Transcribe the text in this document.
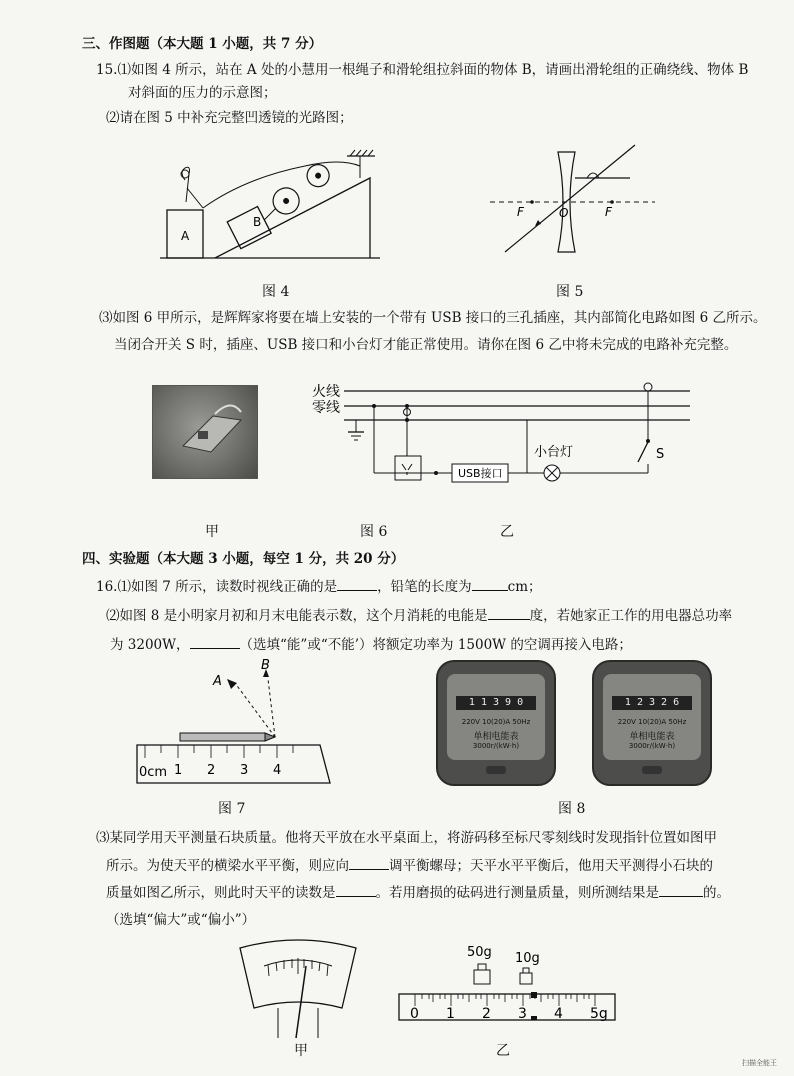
三、作图题（本大题 1 小题，共 7 分）
15.⑴如图 4 所示，站在 A 处的小慧用一根绳子和滑轮组拉斜面的物体 B，请画出滑轮组的正确绕线、物体 B
对斜面的压力的示意图；
⑵请在图 5 中补充完整凹透镜的光路图；
A
B
图 4
F	O	F
图 5
⑶如图 6 甲所示，是辉辉家将要在墙上安装的一个带有 USB 接口的三孔插座，其内部简化电路如图 6 乙所示。
当闭合开关 S 时，插座、USB 接口和小台灯才能正常使用。请你在图 6 乙中将未完成的电路补充完整。
火线
零线
USB接口
小台灯	S
甲	图 6	乙
四、实验题（本大题 3 小题，每空 1 分，共 20 分）
16.⑴如图 7 所示，读数时视线正确的是	，铅笔的长度为	cm；
⑵如图 8 是小明家月初和月末电能表示数，这个月消耗的电能是	度，若她家正工作的用电器总功率
为 3200W，	（选填“能”或“不能’）将额定功率为 1500W 的空调再接入电路；
A
B
0cm 1 2 3 4
图 7
1 1 3 9 0
220V 10(20)A 50Hz
单相电能表
3000r/(kW·h)
1 2 3 2 6
220V 10(20)A 50Hz
单相电能表
3000r/(kW·h)
图 8
⑶某同学用天平测量石块质量。他将天平放在水平桌面上，将游码移至标尺零刻线时发现指针位置如图甲
所示。为使天平的横梁水平平衡，则应向	调平衡螺母；天平水平平衡后，他用天平测得小石块的
质量如图乙所示，则此时天平的读数是	。若用磨损的砝码进行测量质量，则所测结果是	的。
（选填“偏大”或“偏小”）
甲
50g 10g
0 1 2 3 4 5g
乙
扫描全能王
